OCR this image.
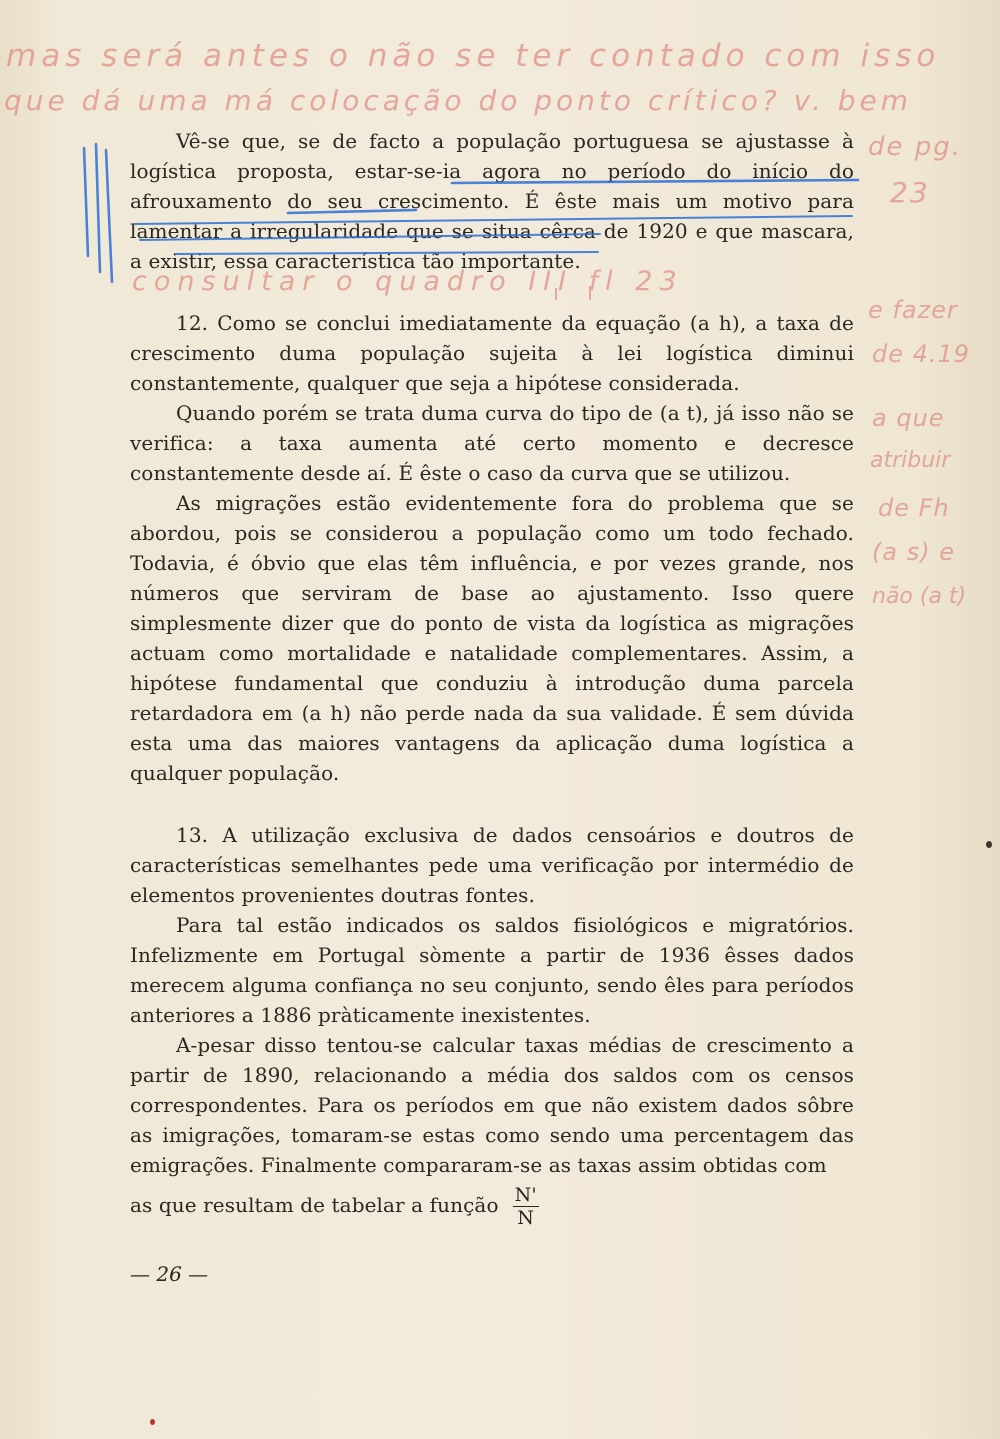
mas será antes o não se ter contado com isso
que dá uma má colocação do ponto crítico? v. bem
consultar o quadro III fl 23
de pg.
23
e fazer
de 4.19
a que
atribuir
de Fh
(a s) e
não (a t)

Vê-se que, se de facto a população portuguesa se ajustasse à logística proposta, estar-se-ia agora no período do início do afrouxamento do seu crescimento. É êste mais um motivo para lamentar a irregularidade que se situa cêrca de 1920 e que mascara, a existir, essa característica tão importante.

12. Como se conclui imediatamente da equação (a h), a taxa de crescimento duma população sujeita à lei logística diminui constantemente, qualquer que seja a hipótese considerada.

Quando porém se trata duma curva do tipo de (a t), já isso não se verifica: a taxa aumenta até certo momento e decresce constantemente desde aí. É êste o caso da curva que se utilizou.

As migrações estão evidentemente fora do problema que se abordou, pois se considerou a população como um todo fechado. Todavia, é óbvio que elas têm influência, e por vezes grande, nos números que serviram de base ao ajustamento. Isso quere simplesmente dizer que do ponto de vista da logística as migrações actuam como mortalidade e natalidade complementares. Assim, a hipótese fundamental que conduziu à introdução duma parcela retardadora em (a h) não perde nada da sua validade. É sem dúvida esta uma das maiores vantagens da aplicação duma logística a qualquer população.

13. A utilização exclusiva de dados censoários e doutros de características semelhantes pede uma verificação por intermédio de elementos provenientes doutras fontes.

Para tal estão indicados os saldos fisiológicos e migratórios. Infelizmente em Portugal sòmente a partir de 1936 êsses dados merecem alguma confiança no seu conjunto, sendo êles para períodos anteriores a 1886 pràticamente inexistentes.

A-pesar disso tentou-se calcular taxas médias de crescimento a partir de 1890, relacionando a média dos saldos com os censos correspondentes. Para os períodos em que não existem dados sôbre as imigrações, tomaram-se estas como sendo uma percentagem das emigrações. Finalmente compararam-se as taxas assim obtidas com

as que resultam de tabelar a função $\frac{N'}{N}$

— 26 —
